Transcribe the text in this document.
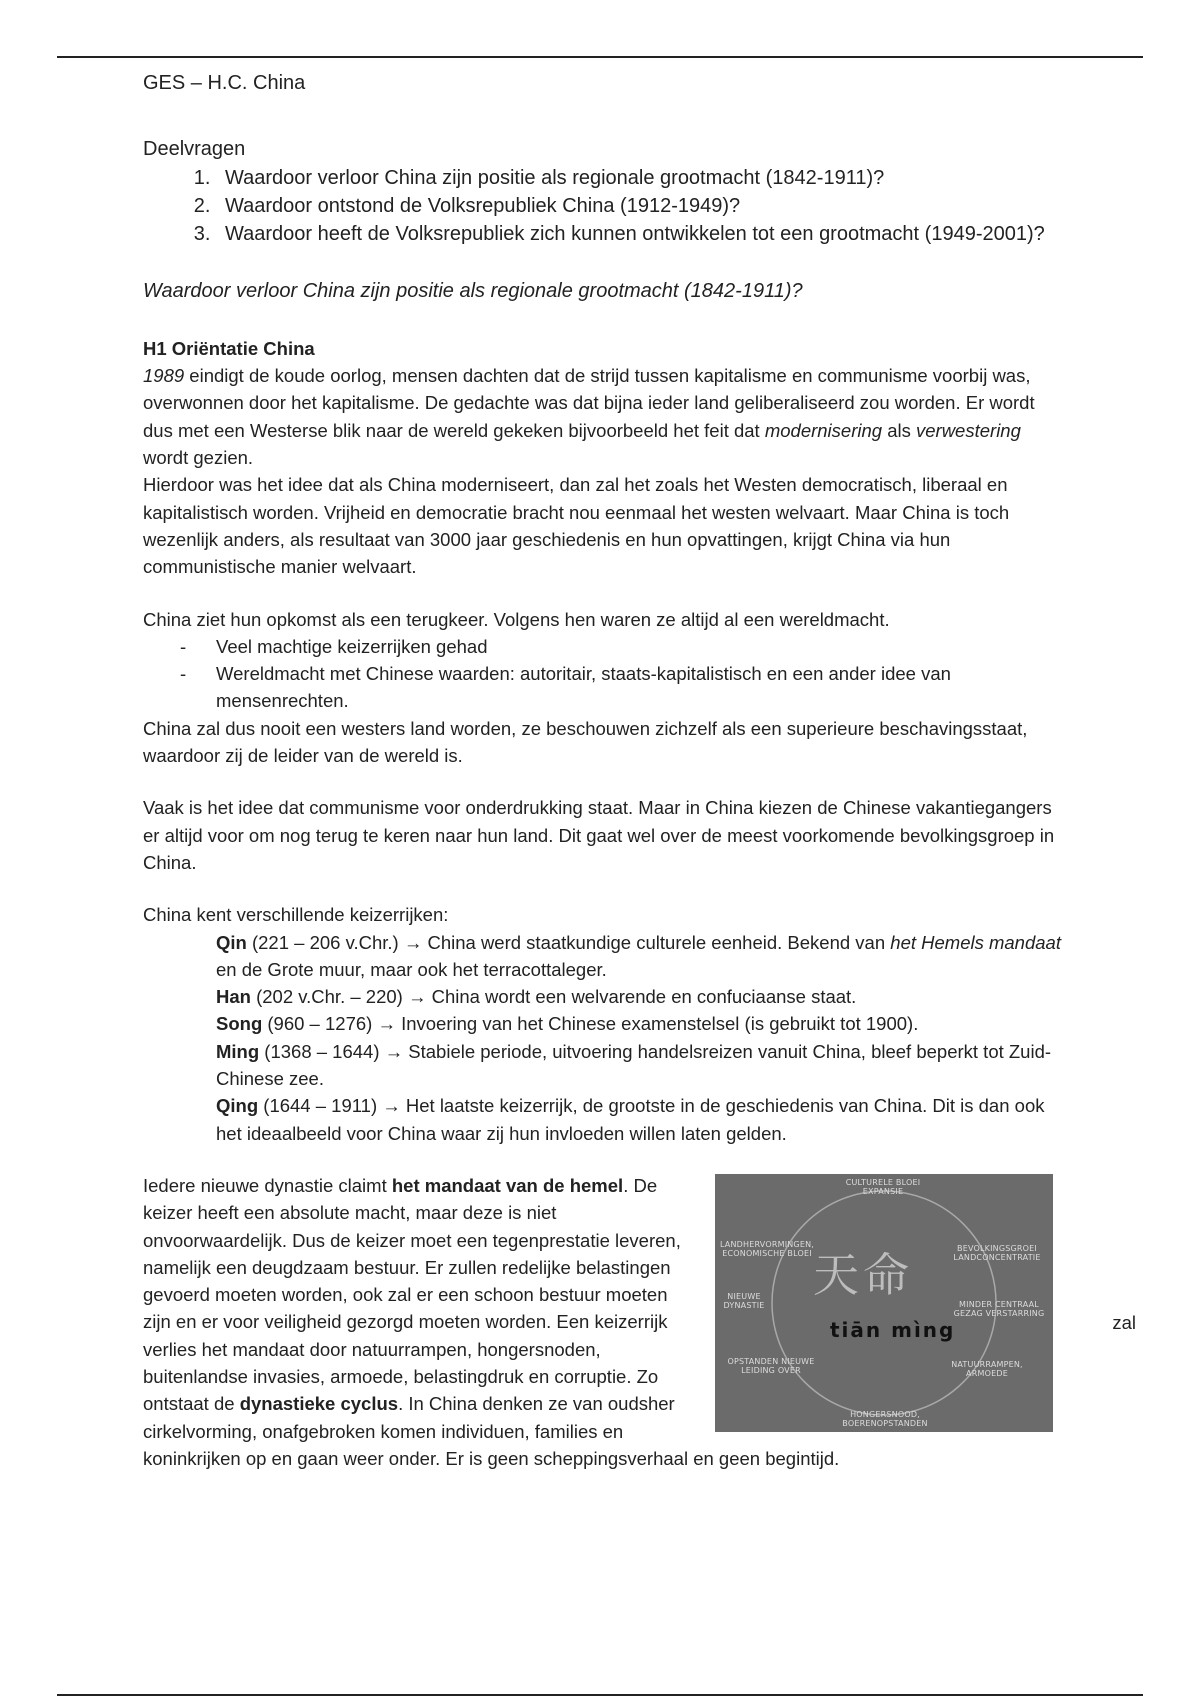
GES – H.C. China

Deelvragen

1. Waardoor verloor China zijn positie als regionale grootmacht (1842-1911)?
2. Waardoor ontstond de Volksrepubliek China (1912-1949)?
3. Waardoor heeft de Volksrepubliek zich kunnen ontwikkelen tot een grootmacht (1949-2001)?

Waardoor verloor China zijn positie als regionale grootmacht (1842-1911)?

H1 Oriëntatie China

1989 eindigt de koude oorlog, mensen dachten dat de strijd tussen kapitalisme en communisme voorbij was, overwonnen door het kapitalisme. De gedachte was dat bijna ieder land geliberaliseerd zou worden. Er wordt dus met een Westerse blik naar de wereld gekeken bijvoorbeeld het feit dat modernisering als verwestering wordt gezien.

Hierdoor was het idee dat als China moderniseert, dan zal het zoals het Westen democratisch, liberaal en kapitalistisch worden. Vrijheid en democratie bracht nou eenmaal het westen welvaart. Maar China is toch wezenlijk anders, als resultaat van 3000 jaar geschiedenis en hun opvattingen, krijgt China via hun communistische manier welvaart.

China ziet hun opkomst als een terugkeer. Volgens hen waren ze altijd al een wereldmacht.

- Veel machtige keizerrijken gehad
- Wereldmacht met Chinese waarden: autoritair, staats-kapitalistisch en een ander idee van mensenrechten.

China zal dus nooit een westers land worden, ze beschouwen zichzelf als een superieure beschavingsstaat, waardoor zij de leider van de wereld is.

Vaak is het idee dat communisme voor onderdrukking staat. Maar in China kiezen de Chinese vakantiegangers er altijd voor om nog terug te keren naar hun land. Dit gaat wel over de meest voorkomende bevolkingsgroep in China.

China kent verschillende keizerrijken:

Qin (221 – 206 v.Chr.) → China werd staatkundige culturele eenheid. Bekend van het Hemels mandaat en de Grote muur, maar ook het terracottaleger.
Han (202 v.Chr. – 220) → China wordt een welvarende en confuciaanse staat.
Song (960 – 1276) → Invoering van het Chinese examenstelsel (is gebruikt tot 1900).
Ming (1368 – 1644) → Stabiele periode, uitvoering handelsreizen vanuit China, bleef beperkt tot Zuid-Chinese zee.
Qing (1644 – 1911) → Het laatste keizerrijk, de grootste in de geschiedenis van China. Dit is dan ook het ideaalbeeld voor China waar zij hun invloeden willen laten gelden.
CULTURELE BLOEI EXPANSIE
LANDHERVORMINGEN, ECONOMISCHE BLOEI
BEVOLKINGSGROEI LANDCONCENTRATIE
NIEUWE DYNASTIE	MINDER CENTRAAL GEZAG VERSTARRING
OPSTANDEN NIEUWE LEIDING OVER
NATUURRAMPEN, ARMOEDE
HONGERSNOOD, BOERENOPSTANDEN
天命
tiān mìng	zal

Iedere nieuwe dynastie claimt het mandaat van de hemel. De keizer heeft een absolute macht, maar deze is niet onvoorwaardelijk. Dus de keizer moet een tegenprestatie leveren, namelijk een deugdzaam bestuur. Er zullen redelijke belastingen gevoerd moeten worden, ook zal er een schoon bestuur moeten zijn en er voor veiligheid gezorgd moeten worden. Een keizerrijk verlies het mandaat door natuurrampen, hongersnoden, buitenlandse invasies, armoede, belastingdruk en corruptie. Zo ontstaat de dynastieke cyclus. In China denken ze van oudsher cirkelvorming, onafgebroken komen individuen, families en koninkrijken op en gaan weer onder. Er is geen scheppingsverhaal en geen begintijd.
